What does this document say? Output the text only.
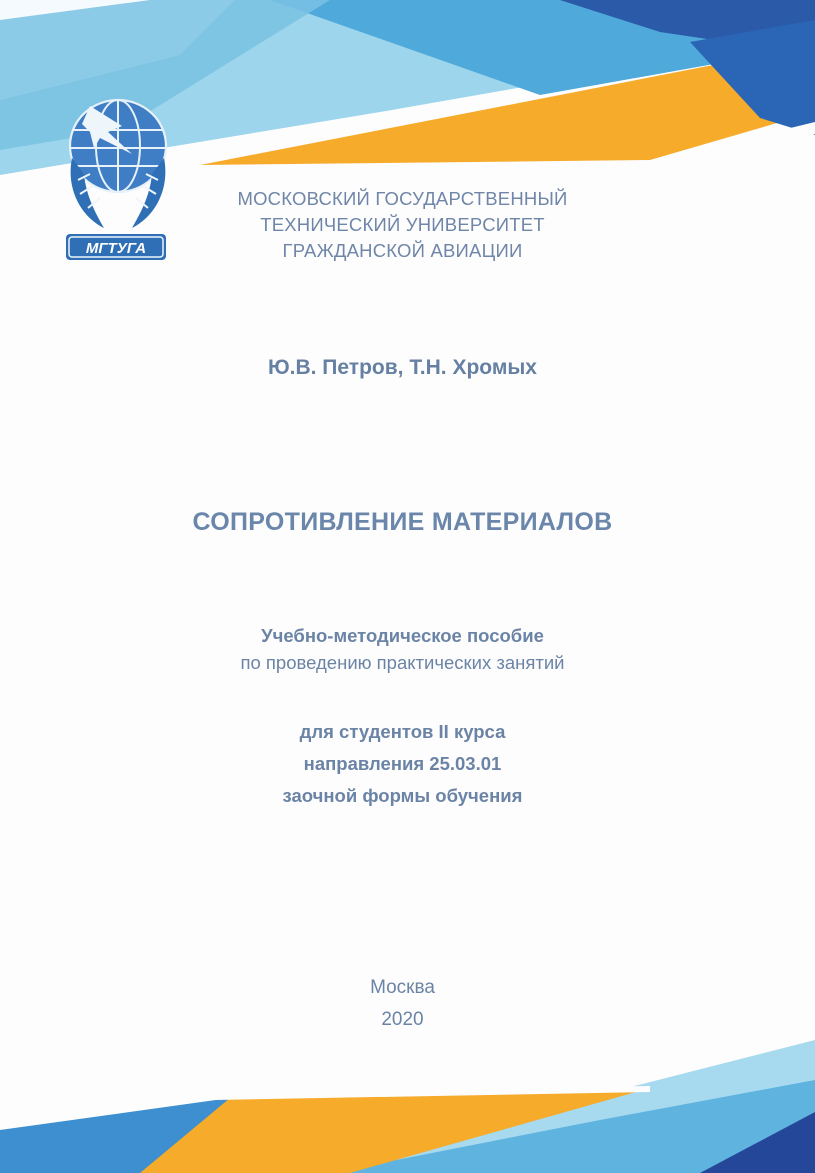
МГТУГА
МОСКОВСКИЙ ГОСУДАРСТВЕННЫЙ
ТЕХНИЧЕСКИЙ УНИВЕРСИТЕТ
ГРАЖДАНСКОЙ АВИАЦИИ
Ю.В. Петров, Т.Н. Хромых
СОПРОТИВЛЕНИЕ МАТЕРИАЛОВ
Учебно-методическое пособие
по проведению практических занятий
для студентов II курса
направления 25.03.01
заочной формы обучения
Москва
2020
